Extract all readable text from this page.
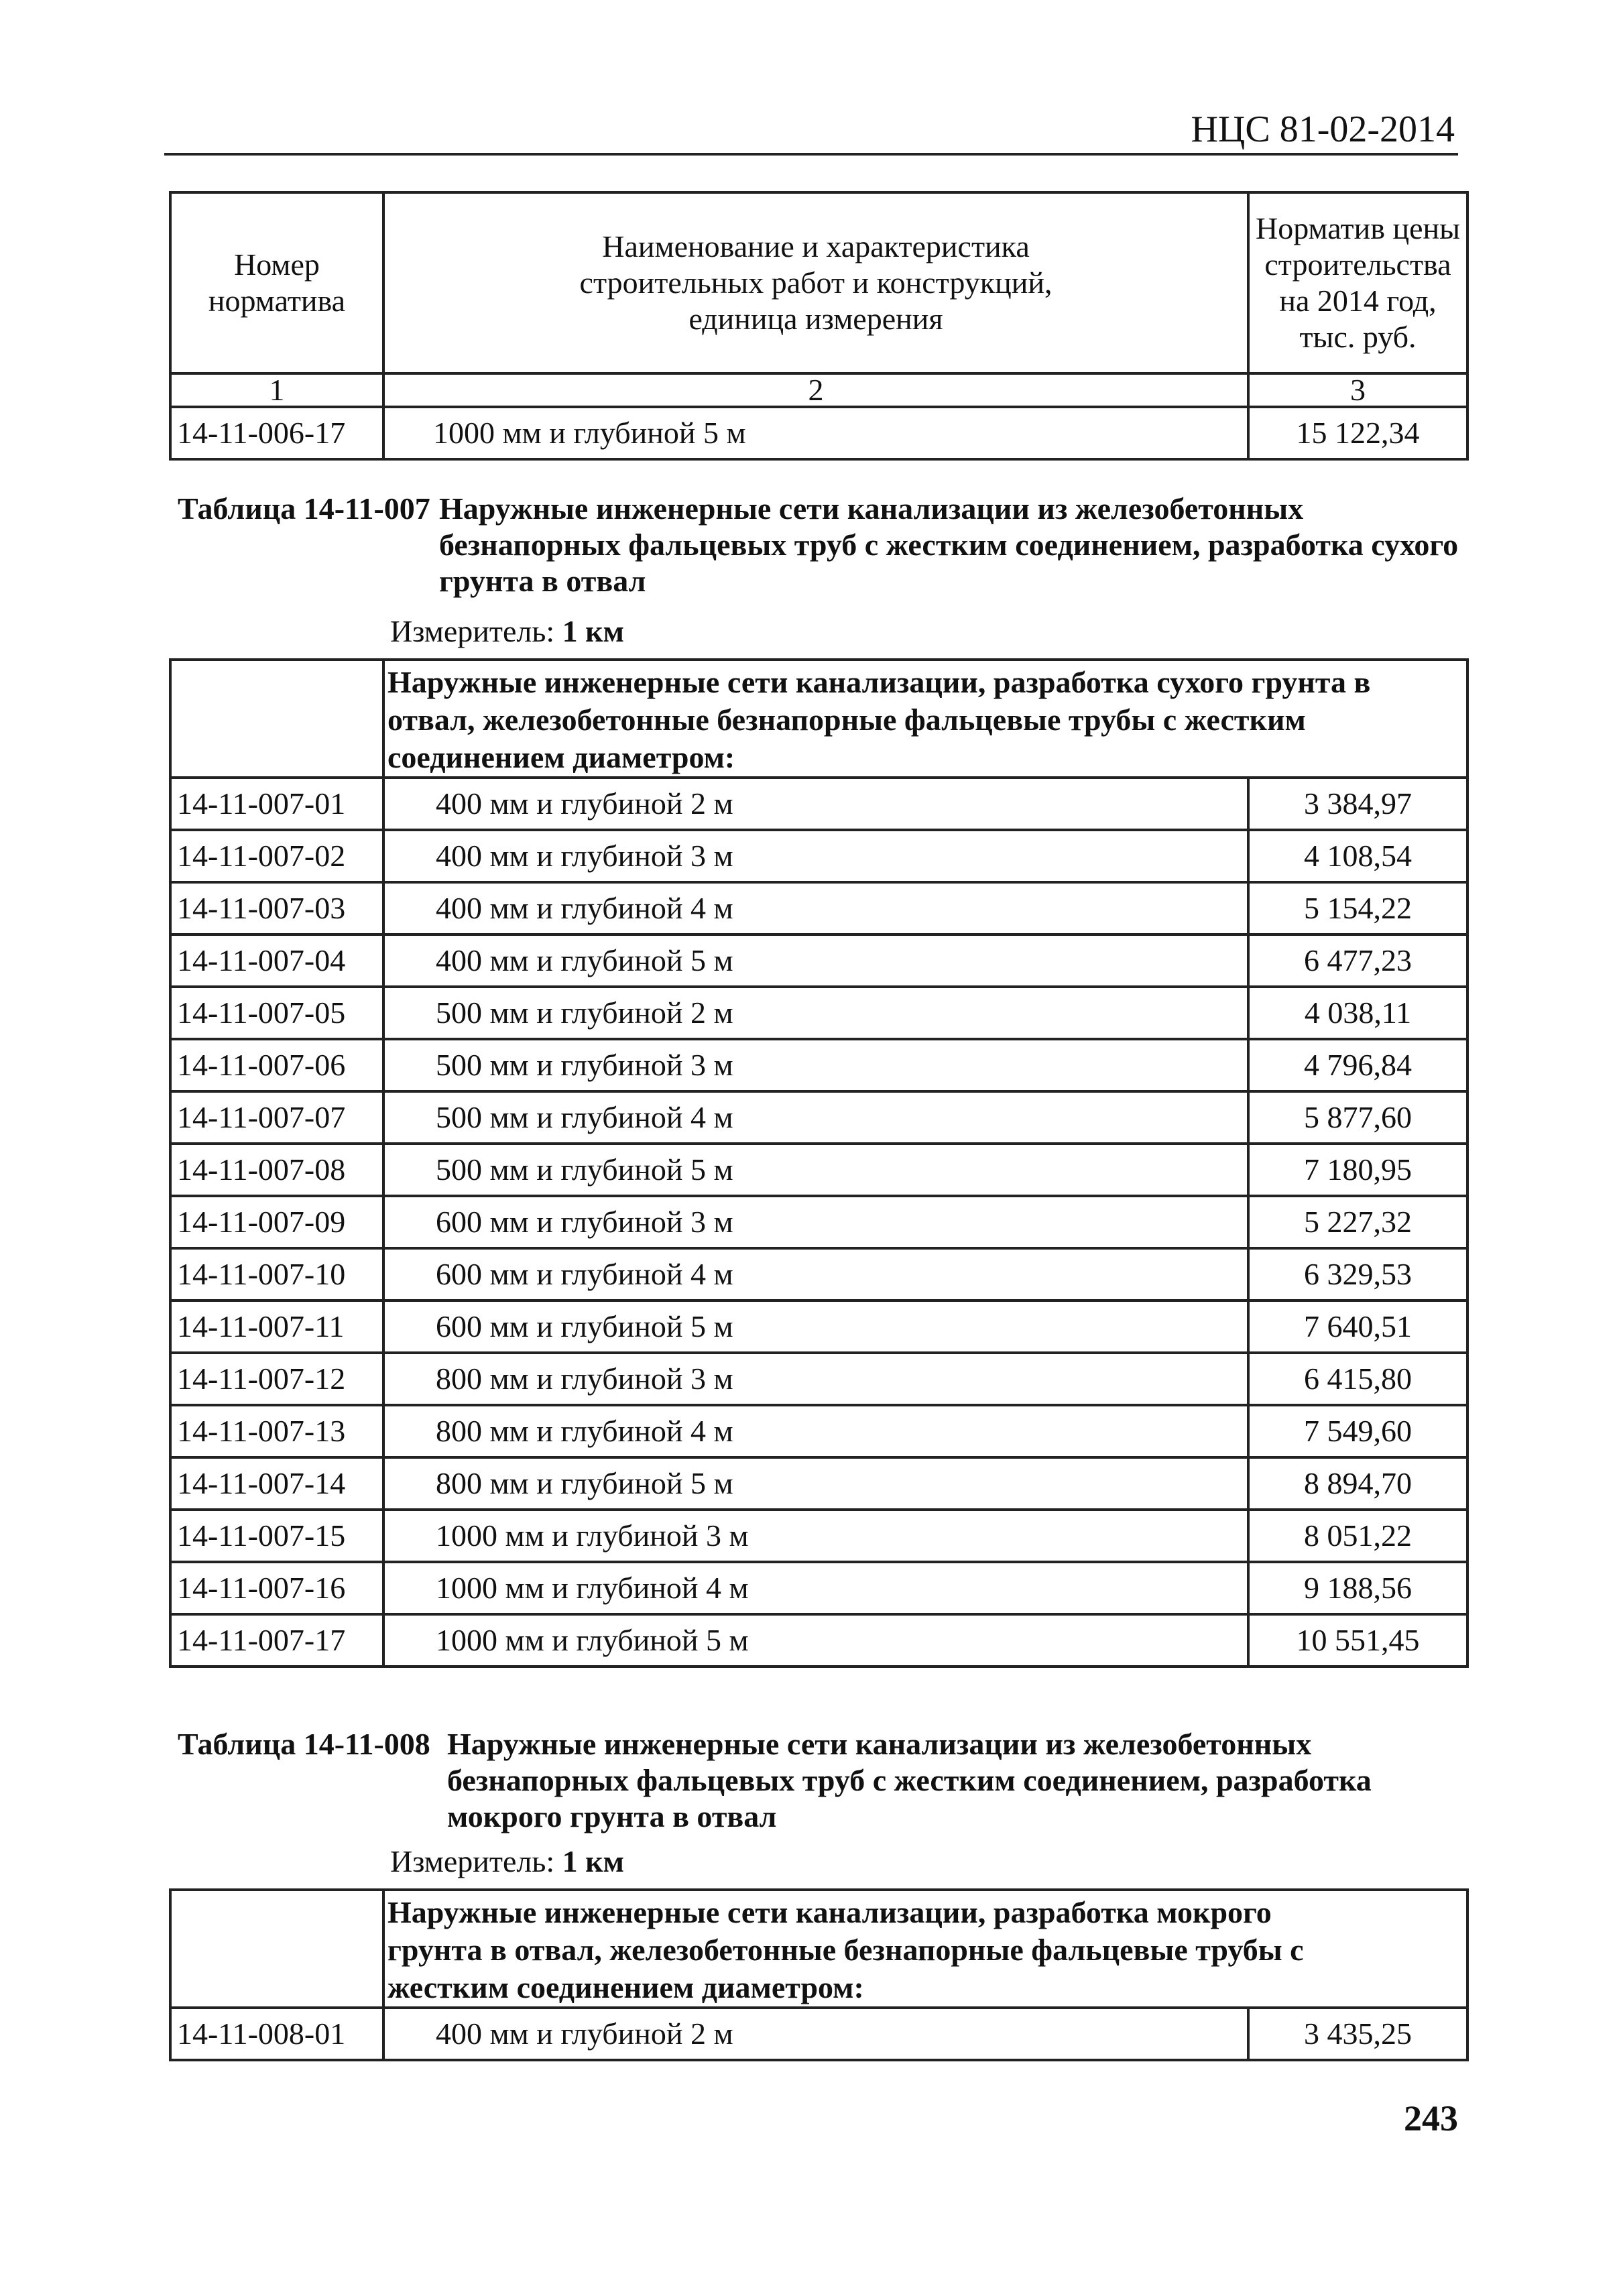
НЦС 81-02-2014
Номер норматива	Наименование и характеристика строительных работ и конструкций, единица измерения	Норматив цены строительства на 2014 год, тыс. руб.
1	2	3
14-11-006-17	1000 мм и глубиной 5 м	15 122,34
Таблица 14-11-007 Наружные инженерные сети канализации из железобетонных безнапорных фальцевых труб с жестким соединением, разработка сухого грунта в отвал
Измеритель: 1 км
	Наружные инженерные сети канализации, разработка сухого грунта в отвал, железобетонные безнапорные фальцевые трубы с жестким соединением диаметром:	
14-11-007-01	400 мм и глубиной 2 м	3 384,97
14-11-007-02	400 мм и глубиной 3 м	4 108,54
14-11-007-03	400 мм и глубиной 4 м	5 154,22
14-11-007-04	400 мм и глубиной 5 м	6 477,23
14-11-007-05	500 мм и глубиной 2 м	4 038,11
14-11-007-06	500 мм и глубиной 3 м	4 796,84
14-11-007-07	500 мм и глубиной 4 м	5 877,60
14-11-007-08	500 мм и глубиной 5 м	7 180,95
14-11-007-09	600 мм и глубиной 3 м	5 227,32
14-11-007-10	600 мм и глубиной 4 м	6 329,53
14-11-007-11	600 мм и глубиной 5 м	7 640,51
14-11-007-12	800 мм и глубиной 3 м	6 415,80
14-11-007-13	800 мм и глубиной 4 м	7 549,60
14-11-007-14	800 мм и глубиной 5 м	8 894,70
14-11-007-15	1000 мм и глубиной 3 м	8 051,22
14-11-007-16	1000 мм и глубиной 4 м	9 188,56
14-11-007-17	1000 мм и глубиной 5 м	10 551,45
Таблица 14-11-008 Наружные инженерные сети канализации из железобетонных безнапорных фальцевых труб с жестким соединением, разработка мокрого грунта в отвал
Измеритель: 1 км
	Наружные инженерные сети канализации, разработка мокрого грунта в отвал, железобетонные безнапорные фальцевые трубы с жестким соединением диаметром:	
14-11-008-01	400 мм и глубиной 2 м	3 435,25
243
